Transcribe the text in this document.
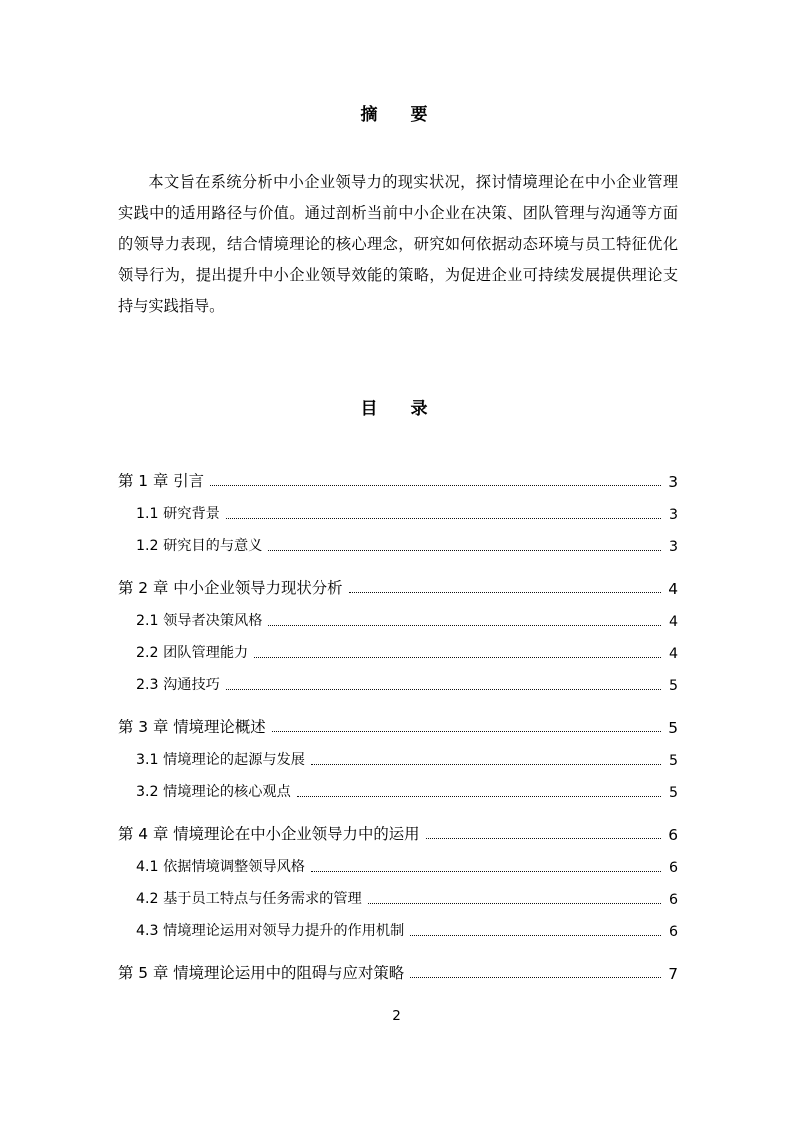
摘　要
本文旨在系统分析中小企业领导力的现实状况，探讨情境理论在中小企业管理实践中的适用路径与价值。通过剖析当前中小企业在决策、团队管理与沟通等方面的领导力表现，结合情境理论的核心理念，研究如何依据动态环境与员工特征优化领导行为，提出提升中小企业领导效能的策略，为促进企业可持续发展提供理论支持与实践指导。
目　录
第 1 章 引言	3
1.1 研究背景	3
1.2 研究目的与意义	3
第 2 章 中小企业领导力现状分析	4
2.1 领导者决策风格	4
2.2 团队管理能力	4
2.3 沟通技巧	5
第 3 章 情境理论概述	5
3.1 情境理论的起源与发展	5
3.2 情境理论的核心观点	5
第 4 章 情境理论在中小企业领导力中的运用	6
4.1 依据情境调整领导风格	6
4.2 基于员工特点与任务需求的管理	6
4.3 情境理论运用对领导力提升的作用机制	6
第 5 章 情境理论运用中的阻碍与应对策略	7
2
